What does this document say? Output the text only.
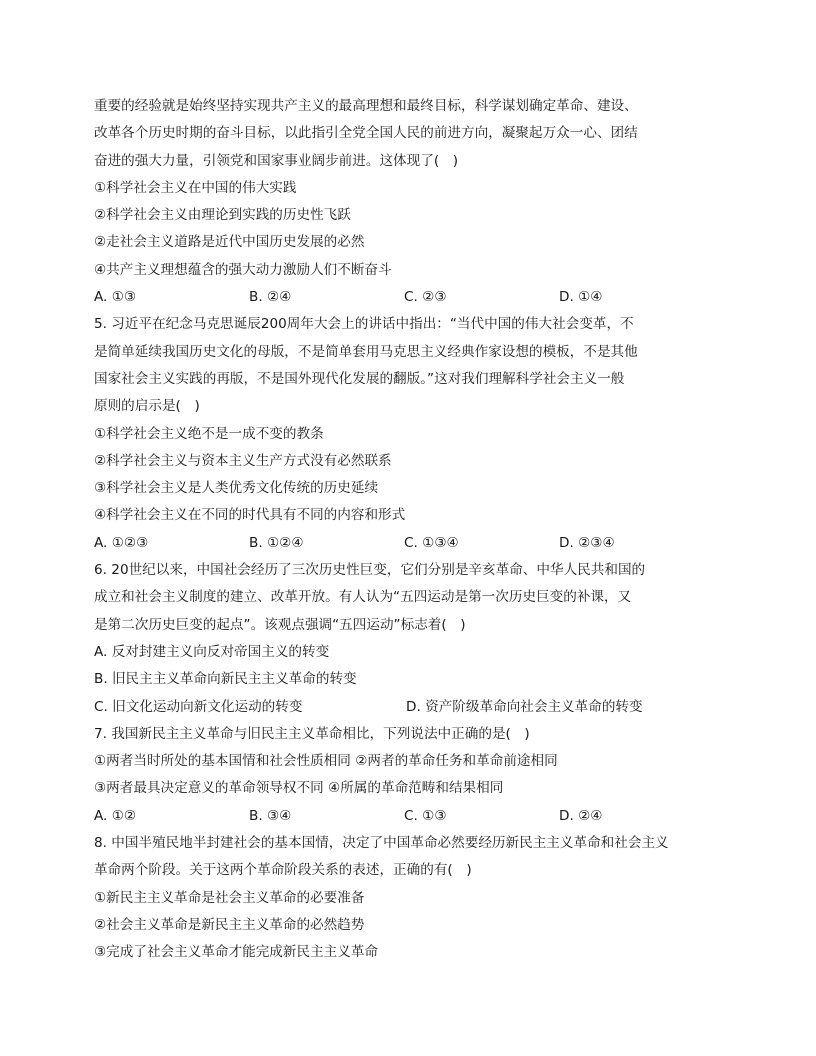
重要的经验就是始终坚持实现共产主义的最高理想和最终目标，科学谋划确定革命、建设、
改革各个历史时期的奋斗目标，以此指引全党全国人民的前进方向，凝聚起万众一心、团结
奋进的强大力量，引领党和国家事业阔步前进。这体现了(　)
①科学社会主义在中国的伟大实践
②科学社会主义由理论到实践的历史性飞跃
②走社会主义道路是近代中国历史发展的必然
④共产主义理想蕴含的强大动力激励人们不断奋斗
A. ①③	B. ②④	C. ②③	D. ①④
5. 习近平在纪念马克思诞辰200周年大会上的讲话中指出：“当代中国的伟大社会变革，不
是简单延续我国历史文化的母版，不是简单套用马克思主义经典作家设想的模板，不是其他
国家社会主义实践的再版，不是国外现代化发展的翻版。”这对我们理解科学社会主义一般
原则的启示是(　)
①科学社会主义绝不是一成不变的教条
②科学社会主义与资本主义生产方式没有必然联系
③科学社会主义是人类优秀文化传统的历史延续
④科学社会主义在不同的时代具有不同的内容和形式
A. ①②③	B. ①②④	C. ①③④	D. ②③④
6. 20世纪以来，中国社会经历了三次历史性巨变，它们分别是辛亥革命、中华人民共和国的
成立和社会主义制度的建立、改革开放。有人认为“五四运动是第一次历史巨变的补课，又
是第二次历史巨变的起点”。该观点强调“五四运动”标志着(　)
A. 反对封建主义向反对帝国主义的转变
B. 旧民主主义革命向新民主主义革命的转变
C. 旧文化运动向新文化运动的转变	D. 资产阶级革命向社会主义革命的转变
7. 我国新民主主义革命与旧民主主义革命相比，下列说法中正确的是(　)
①两者当时所处的基本国情和社会性质相同 ②两者的革命任务和革命前途相同
③两者最具决定意义的革命领导权不同 ④所属的革命范畴和结果相同
A. ①②	B. ③④	C. ①③	D. ②④
8. 中国半殖民地半封建社会的基本国情，决定了中国革命必然要经历新民主主义革命和社会主义
革命两个阶段。关于这两个革命阶段关系的表述，正确的有(　)
①新民主主义革命是社会主义革命的必要准备
②社会主义革命是新民主主义革命的必然趋势
③完成了社会主义革命才能完成新民主主义革命
